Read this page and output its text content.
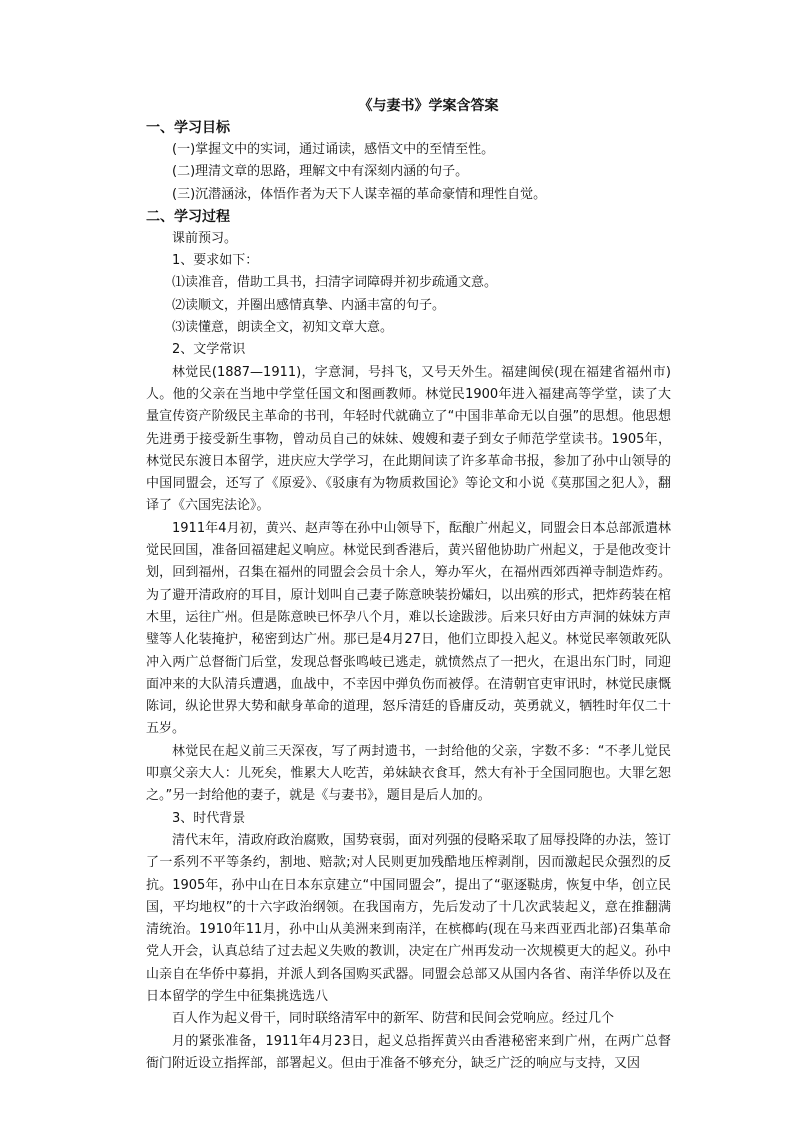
《与妻书》学案含答案
一、学习目标
(一)掌握文中的实词，通过诵读，感悟文中的至情至性。
(二)理清文章的思路，理解文中有深刻内涵的句子。
(三)沉潜涵泳，体悟作者为天下人谋幸福的革命豪情和理性自觉。
二、学习过程
课前预习。
1、要求如下：
⑴读准音，借助工具书，扫清字词障碍并初步疏通文意。
⑵读顺文，并圈出感情真挚、内涵丰富的句子。
⑶读懂意，朗读全文，初知文章大意。
2、文学常识

林觉民(1887—1911)，字意洞，号抖飞，又号天外生。福建闽侯(现在福建省福州市)人。他的父亲在当地中学堂任国文和图画教师。林觉民1900年进入福建高等学堂，读了大量宣传资产阶级民主革命的书刊，年轻时代就确立了“中国非革命无以自强”的思想。他思想先进勇于接受新生事物，曾动员自己的妹妹、嫂嫂和妻子到女子师范学堂读书。1905年，林觉民东渡日本留学，进庆应大学学习，在此期间读了许多革命书报，参加了孙中山领导的中国同盟会，还写了《原爱》、《驳康有为物质救国论》等论文和小说《莫那国之犯人》，翻译了《六国宪法论》。

1911年4月初，黄兴、赵声等在孙中山领导下，酝酿广州起义，同盟会日本总部派遣林觉民回国，准备回福建起义响应。林觉民到香港后，黄兴留他协助广州起义，于是他改变计划，回到福州，召集在福州的同盟会会员十余人，筹办军火，在福州西郊西禅寺制造炸药。为了避开清政府的耳目，原计划叫自己妻子陈意映装扮孀妇，以出殡的形式，把炸药装在棺木里，运往广州。但是陈意映已怀孕八个月，难以长途跋涉。后来只好由方声洞的妹妹方声璧等人化装掩护，秘密到达广州。那已是4月27日，他们立即投入起义。林觉民率领敢死队冲入两广总督衙门后堂，发现总督张鸣岐已逃走，就愤然点了一把火，在退出东门时，同迎面冲来的大队清兵遭遇，血战中，不幸因中弹负伤而被俘。在清朝官吏审讯时，林觉民康慨陈词，纵论世界大势和献身革命的道理，怒斥清廷的昏庸反动，英勇就义，牺牲时年仅二十五岁。

林觉民在起义前三天深夜，写了两封遗书，一封给他的父亲，字数不多：“不孝儿觉民叩禀父亲大人：儿死矣，惟累大人吃苦，弟妹缺衣食耳，然大有补于全国同胞也。大罪乞恕之。”另一封给他的妻子，就是《与妻书》，题目是后人加的。

3、时代背景

清代末年，清政府政治腐败，国势衰弱，面对列强的侵略采取了屈辱投降的办法，签订了一系列不平等条约，割地、赔款;对人民则更加残酷地压榨剥削，因而激起民众强烈的反抗。1905年，孙中山在日本东京建立“中国同盟会”，提出了“驱逐鞑虏，恢复中华，创立民国，平均地权”的十六字政治纲领。在我国南方，先后发动了十几次武装起义，意在推翻满清统治。1910年11月，孙中山从美洲来到南洋，在槟榔屿(现在马来西亚西北部)召集革命党人开会，认真总结了过去起义失败的教训，决定在广州再发动一次规模更大的起义。孙中山亲自在华侨中募捐，并派人到各国购买武器。同盟会总部又从国内各省、南洋华侨以及在日本留学的学生中征集挑选选八

百人作为起义骨干，同时联络清军中的新军、防营和民间会党响应。经过几个

月的紧张准备，1911年4月23日，起义总指挥黄兴由香港秘密来到广州，在两广总督衙门附近设立指挥部，部署起义。但由于准备不够充分，缺乏广泛的响应与支持，又因
